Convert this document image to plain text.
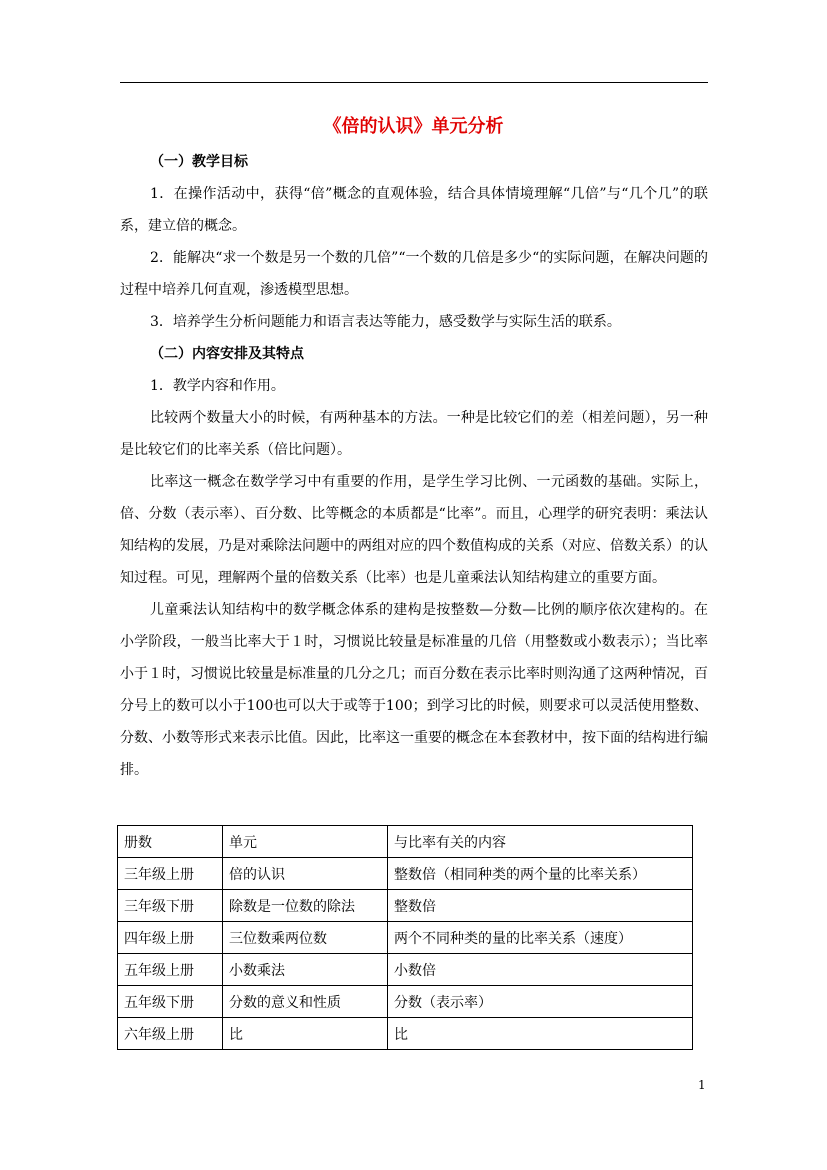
《倍的认识》单元分析

（一）教学目标

1．在操作活动中，获得“倍”概念的直观体验，结合具体情境理解“几倍”与“几个几”的联系，建立倍的概念。

2．能解决“求一个数是另一个数的几倍”“一个数的几倍是多少“的实际问题，在解决问题的过程中培养几何直观，渗透模型思想。

3．培养学生分析问题能力和语言表达等能力，感受数学与实际生活的联系。

（二）内容安排及其特点

1．教学内容和作用。

比较两个数量大小的时候，有两种基本的方法。一种是比较它们的差（相差问题），另一种是比较它们的比率关系（倍比问题）。

比率这一概念在数学学习中有重要的作用，是学生学习比例、一元函数的基础。实际上，倍、分数（表示率）、百分数、比等概念的本质都是“比率”。而且，心理学的研究表明：乘法认知结构的发展，乃是对乘除法问题中的两组对应的四个数值构成的关系（对应、倍数关系）的认知过程。可见，理解两个量的倍数关系（比率）也是儿童乘法认知结构建立的重要方面。

儿童乘法认知结构中的数学概念体系的建构是按整数—分数—比例的顺序依次建构的。在小学阶段，一般当比率大于１时，习惯说比较量是标准量的几倍（用整数或小数表示）；当比率小于１时，习惯说比较量是标准量的几分之几；而百分数在表示比率时则沟通了这两种情况，百分号上的数可以小于100也可以大于或等于100；到学习比的时候，则要求可以灵活使用整数、分数、小数等形式来表示比值。因此，比率这一重要的概念在本套教材中，按下面的结构进行编排。

册数	单元	与比率有关的内容
三年级上册	倍的认识	整数倍（相同种类的两个量的比率关系）
三年级下册	除数是一位数的除法	整数倍
四年级上册	三位数乘两位数	两个不同种类的量的比率关系（速度）
五年级上册	小数乘法	小数倍
五年级下册	分数的意义和性质	分数（表示率）
六年级上册	比	比
1
